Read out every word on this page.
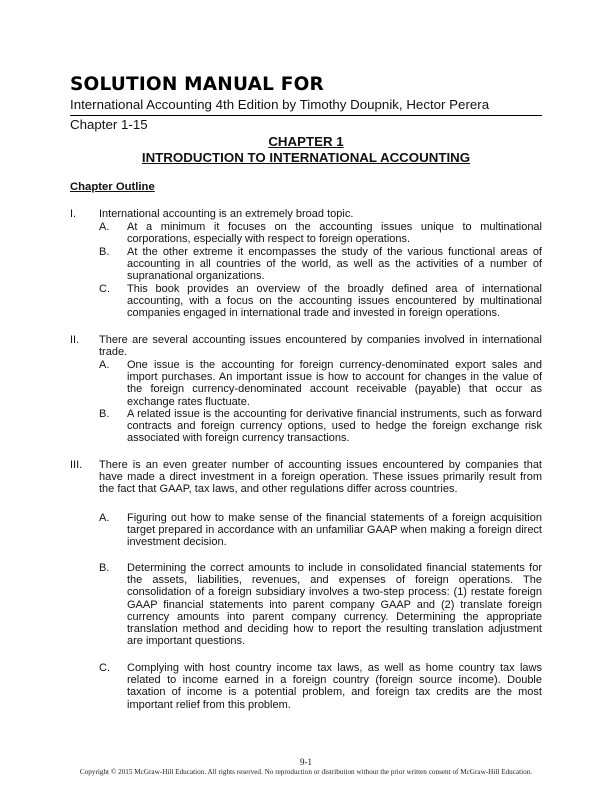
SOLUTION MANUAL FOR
International Accounting 4th Edition by Timothy Doupnik, Hector Perera
Chapter 1-15
CHAPTER 1
INTRODUCTION TO INTERNATIONAL ACCOUNTING
Chapter Outline
I. International accounting is an extremely broad topic.
A. At a minimum it focuses on the accounting issues unique to multinational corporations, especially with respect to foreign operations.
B. At the other extreme it encompasses the study of the various functional areas of accounting in all countries of the world, as well as the activities of a number of supranational organizations.
C. This book provides an overview of the broadly defined area of international accounting, with a focus on the accounting issues encountered by multinational companies engaged in international trade and invested in foreign operations.
II. There are several accounting issues encountered by companies involved in international trade.
A. One issue is the accounting for foreign currency-denominated export sales and import purchases. An important issue is how to account for changes in the value of the foreign currency-denominated account receivable (payable) that occur as exchange rates fluctuate.
B. A related issue is the accounting for derivative financial instruments, such as forward contracts and foreign currency options, used to hedge the foreign exchange risk associated with foreign currency transactions.
III. There is an even greater number of accounting issues encountered by companies that have made a direct investment in a foreign operation. These issues primarily result from the fact that GAAP, tax laws, and other regulations differ across countries.
A. Figuring out how to make sense of the financial statements of a foreign acquisition target prepared in accordance with an unfamiliar GAAP when making a foreign direct investment decision.
B. Determining the correct amounts to include in consolidated financial statements for the assets, liabilities, revenues, and expenses of foreign operations. The consolidation of a foreign subsidiary involves a two-step process: (1) restate foreign GAAP financial statements into parent company GAAP and (2) translate foreign currency amounts into parent company currency. Determining the appropriate translation method and deciding how to report the resulting translation adjustment are important questions.
C. Complying with host country income tax laws, as well as home country tax laws related to income earned in a foreign country (foreign source income). Double taxation of income is a potential problem, and foreign tax credits are the most important relief from this problem.
9-1
Copyright © 2015 McGraw-Hill Education. All rights reserved. No reproduction or distribution without the prior written consent of McGraw-Hill Education.
